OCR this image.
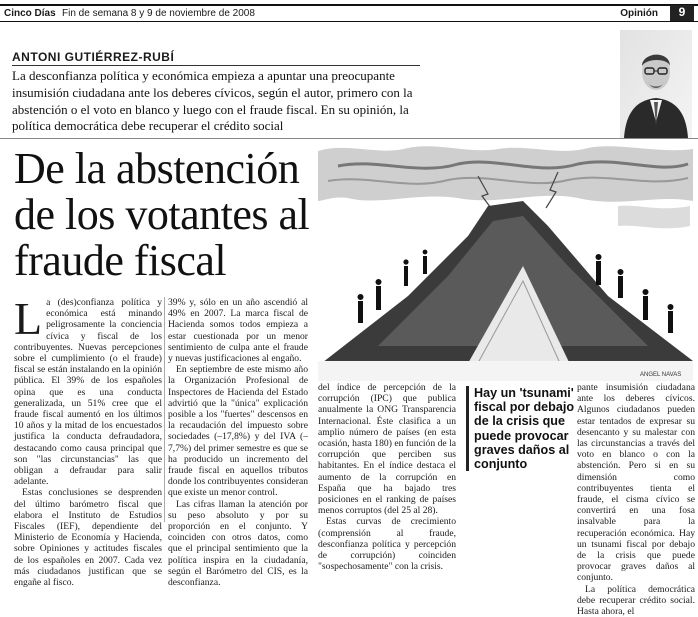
Cinco Días Fin de semana 8 y 9 de noviembre de 2008	Opinión	9
ANTONI GUTIÉRREZ-RUBÍ
La desconfianza política y económica empieza a apuntar una preocupante insumisión ciudadana ante los deberes cívicos, según el autor, primero con la abstención o el voto en blanco y luego con el fraude fiscal. En su opinión, la política democrática debe recuperar el crédito social
De la abstención de los votantes al fraude fiscal
ANGEL NAVAS

La (des)confianza política y económica está minando peligrosamente la conciencia cívica y fiscal de los contribuyentes. Nuevas percepciones sobre el cumplimiento (o el fraude) fiscal se están instalando en la opinión pública. El 39% de los españoles opina que es una conducta generalizada, un 51% cree que el fraude fiscal aumentó en los últimos 10 años y la mitad de los encuestados justifica la conducta defraudadora, destacando como causa principal que son "las circunstancias" las que obligan a defraudar para salir adelante.

Estas conclusiones se desprenden del último barómetro fiscal que elabora el Instituto de Estudios Fiscales (IEF), dependiente del Ministerio de Economía y Hacienda, sobre Opiniones y actitudes fiscales de los españoles en 2007. Cada vez más ciudadanos justifican que se engañe al fisco.

39% y, sólo en un año ascendió al 49% en 2007. La marca fiscal de Hacienda somos todos empieza a estar cuestionada por un menor sentimiento de culpa ante el fraude y nuevas justificaciones al engaño.

En septiembre de este mismo año la Organización Profesional de Inspectores de Hacienda del Estado advirtió que la "única" explicación posible a los "fuertes" descensos en la recaudación del impuesto sobre sociedades (–17,8%) y del IVA (–7,7%) del primer semestre es que se ha producido un incremento del fraude fiscal en aquellos tributos donde los contribuyentes consideran que existe un menor control.

Las cifras llaman la atención por su peso absoluto y por su proporción en el conjunto. Y coinciden con otros datos, como que el principal sentimiento que la política inspira en la ciudadanía, según el Barómetro del CIS, es la desconfianza.

del índice de percepción de la corrupción (IPC) que publica anualmente la ONG Transparencia Internacional. Éste clasifica a un amplio número de países (en esta ocasión, hasta 180) en función de la corrupción que perciben sus habitantes. En el índice destaca el aumento de la corrupción en España que ha bajado tres posiciones en el ranking de países menos corruptos (del 25 al 28).

Estas curvas de crecimiento (comprensión al fraude, desconfianza política y percepción de corrupción) coinciden "sospechosamente" con la crisis.

Hay un 'tsunami' fiscal por debajo de la crisis que puede provocar graves daños al conjunto

pante insumisión ciudadana ante los deberes cívicos. Algunos ciudadanos pueden estar tentados de expresar su desencanto y su malestar con las circunstancias a través del voto en blanco o con la abstención. Pero si en su dimensión como contribuyentes tienta el fraude, el cisma cívico se convertirá en una fosa insalvable para la recuperación económica. Hay un tsunami fiscal por debajo de la crisis que puede provocar graves daños al conjunto.

La política democrática debe recuperar crédito social. Hasta ahora, el
